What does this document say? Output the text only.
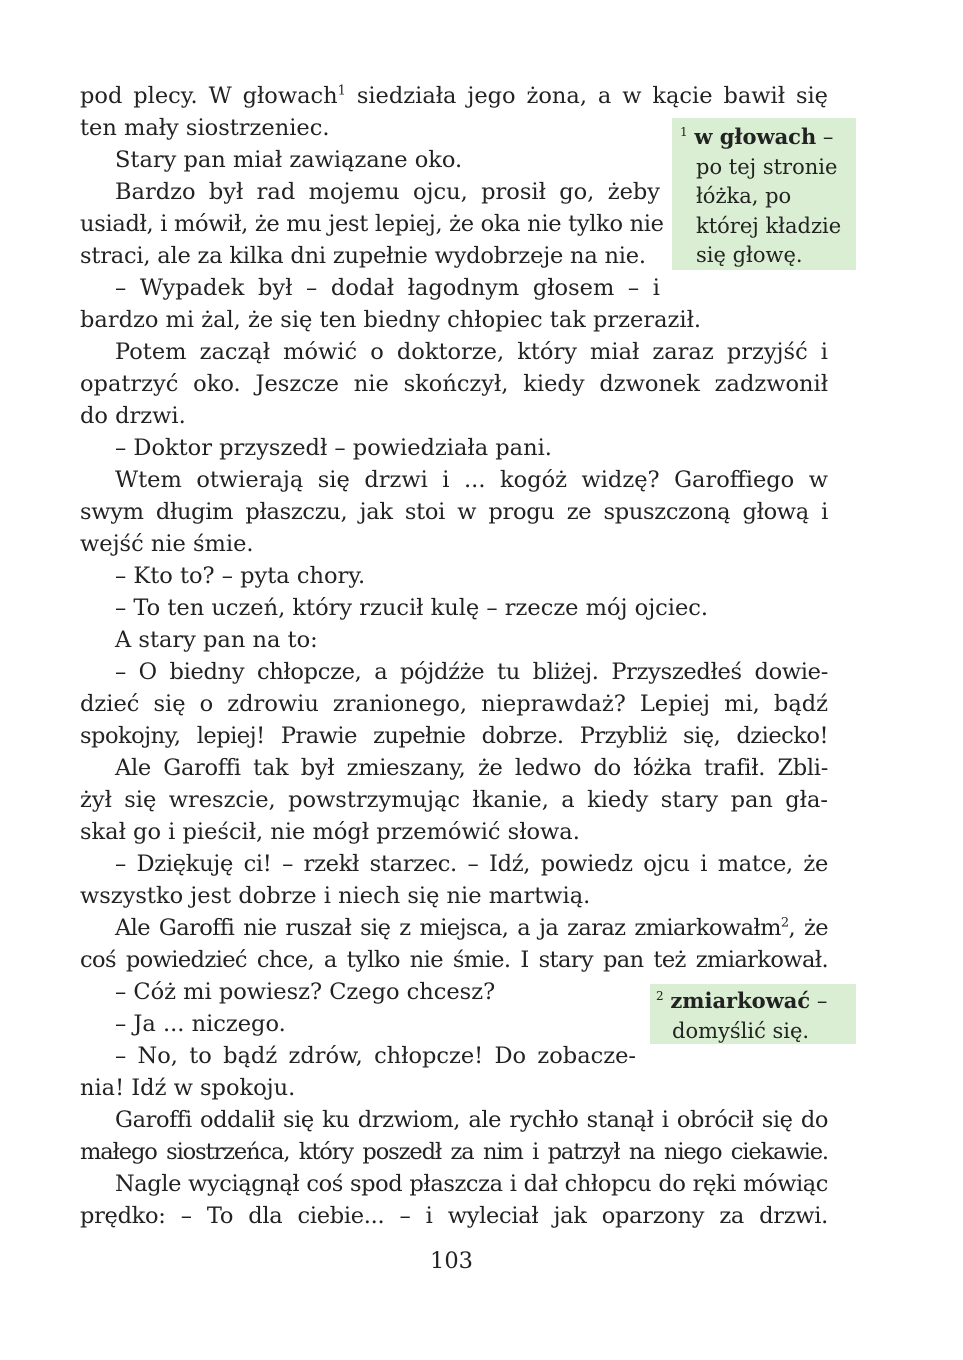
pod plecy. W głowach$^1$ siedziała jego żona, a w kącie bawił się
ten mały siostrzeniec.
Stary pan miał zawiązane oko.
Bardzo był rad mojemu ojcu, prosił go, żeby
usiadł, i mówił, że mu jest lepiej, że oka nie tylko nie
straci, ale za kilka dni zupełnie wydobrzeje na nie.
– Wypadek był – dodał łagodnym głosem – i
bardzo mi żal, że się ten biedny chłopiec tak przeraził.
Potem zaczął mówić o doktorze, który miał zaraz przyjść i
opatrzyć oko. Jeszcze nie skończył, kiedy dzwonek zadzwonił
do drzwi.
– Doktor przyszedł – powiedziała pani.
Wtem otwierają się drzwi i ... kogóż widzę? Garoffiego w
swym długim płaszczu, jak stoi w progu ze spuszczoną głową i
wejść nie śmie.
– Kto to? – pyta chory.
– To ten uczeń, który rzucił kulę – rzecze mój ojciec.
A stary pan na to:
– O biedny chłopcze, a pójdźże tu bliżej. Przyszedłeś dowie-
dzieć się o zdrowiu zranionego, nieprawdaż? Lepiej mi, bądź
spokojny, lepiej! Prawie zupełnie dobrze. Przybliż się, dziecko!
Ale Garoffi tak był zmieszany, że ledwo do łóżka trafił. Zbli-
żył się wreszcie, powstrzymując łkanie, a kiedy stary pan gła-
skał go i pieścił, nie mógł przemówić słowa.
– Dziękuję ci! – rzekł starzec. – Idź, powiedz ojcu i matce, że
wszystko jest dobrze i niech się nie martwią.
Ale Garoffi nie ruszał się z miejsca, a ja zaraz zmiarkowałm$^2$, że
coś powiedzieć chce, a tylko nie śmie. I stary pan też zmiarkował.
– Cóż mi powiesz? Czego chcesz?
– Ja ... niczego.
– No, to bądź zdrów, chłopcze! Do zobacze-
nia! Idź w spokoju.
Garoffi oddalił się ku drzwiom, ale rychło stanął i obrócił się do
małego siostrzeńca, który poszedł za nim i patrzył na niego ciekawie.
Nagle wyciągnął coś spod płaszcza i dał chłopcu do ręki mówiąc
prędko: – To dla ciebie... – i wyleciał jak oparzony za drzwi.
$^1$ w głowach –
po tej stronie
łóżka, po
której kładzie
się głowę.
$^2$ zmiarkować –
domyślić się.
103
